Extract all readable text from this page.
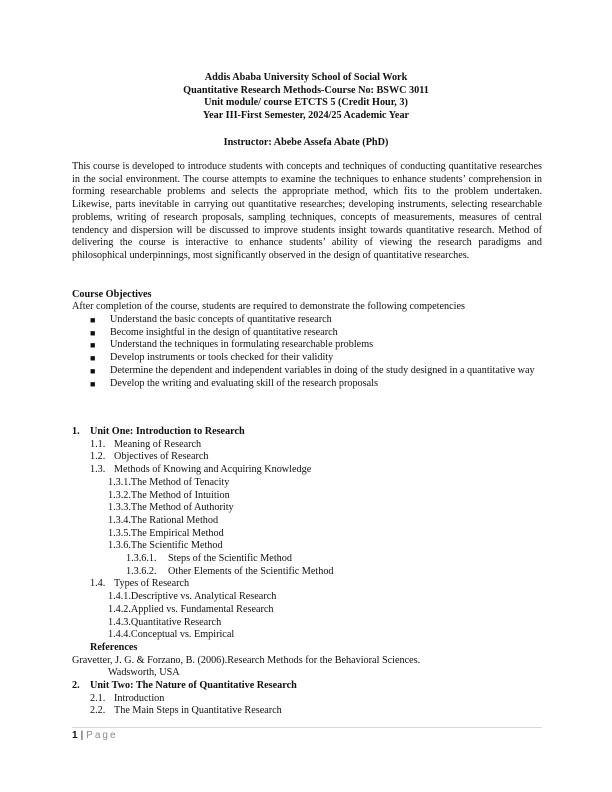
Addis Ababa University School of Social Work
Quantitative Research Methods-Course No: BSWC 3011
Unit module/ course ETCTS 5 (Credit Hour, 3)
Year III-First Semester, 2024/25 Academic Year
Instructor: Abebe Assefa Abate (PhD)
This course is developed to introduce students with concepts and techniques of conducting quantitative researches in the social environment. The course attempts to examine the techniques to enhance students’ comprehension in forming researchable problems and selects the appropriate method, which fits to the problem undertaken. Likewise, parts inevitable in carrying out quantitative researches; developing instruments, selecting researchable problems, writing of research proposals, sampling techniques, concepts of measurements, measures of central tendency and dispersion will be discussed to improve students insight towards quantitative research. Method of delivering the course is interactive to enhance students’ ability of viewing the research paradigms and philosophical underpinnings, most significantly observed in the design of quantitative researches.
Course Objectives
After completion of the course, students are required to demonstrate the following competencies
■ Understand the basic concepts of quantitative research
■ Become insightful in the design of quantitative research
■ Understand the techniques in formulating researchable problems
■ Develop instruments or tools checked for their validity
■ Determine the dependent and independent variables in doing of the study designed in a quantitative way
■ Develop the writing and evaluating skill of the research proposals
1. Unit One: Introduction to Research
1.1. Meaning of Research
1.2. Objectives of Research
1.3. Methods of Knowing and Acquiring Knowledge
1.3.1.The Method of Tenacity
1.3.2.The Method of Intuition
1.3.3.The Method of Authority
1.3.4.The Rational Method
1.3.5.The Empirical Method
1.3.6.The Scientific Method
1.3.6.1. Steps of the Scientific Method
1.3.6.2. Other Elements of the Scientific Method
1.4. Types of Research
1.4.1.Descriptive vs. Analytical Research
1.4.2.Applied vs. Fundamental Research
1.4.3.Quantitative Research
1.4.4.Conceptual vs. Empirical
References
Gravetter, J. G. & Forzano, B. (2006).Research Methods for the Behavioral Sciences.
Wadsworth, USA
2. Unit Two: The Nature of Quantitative Research
2.1. Introduction
2.2. The Main Steps in Quantitative Research
1 | Page
